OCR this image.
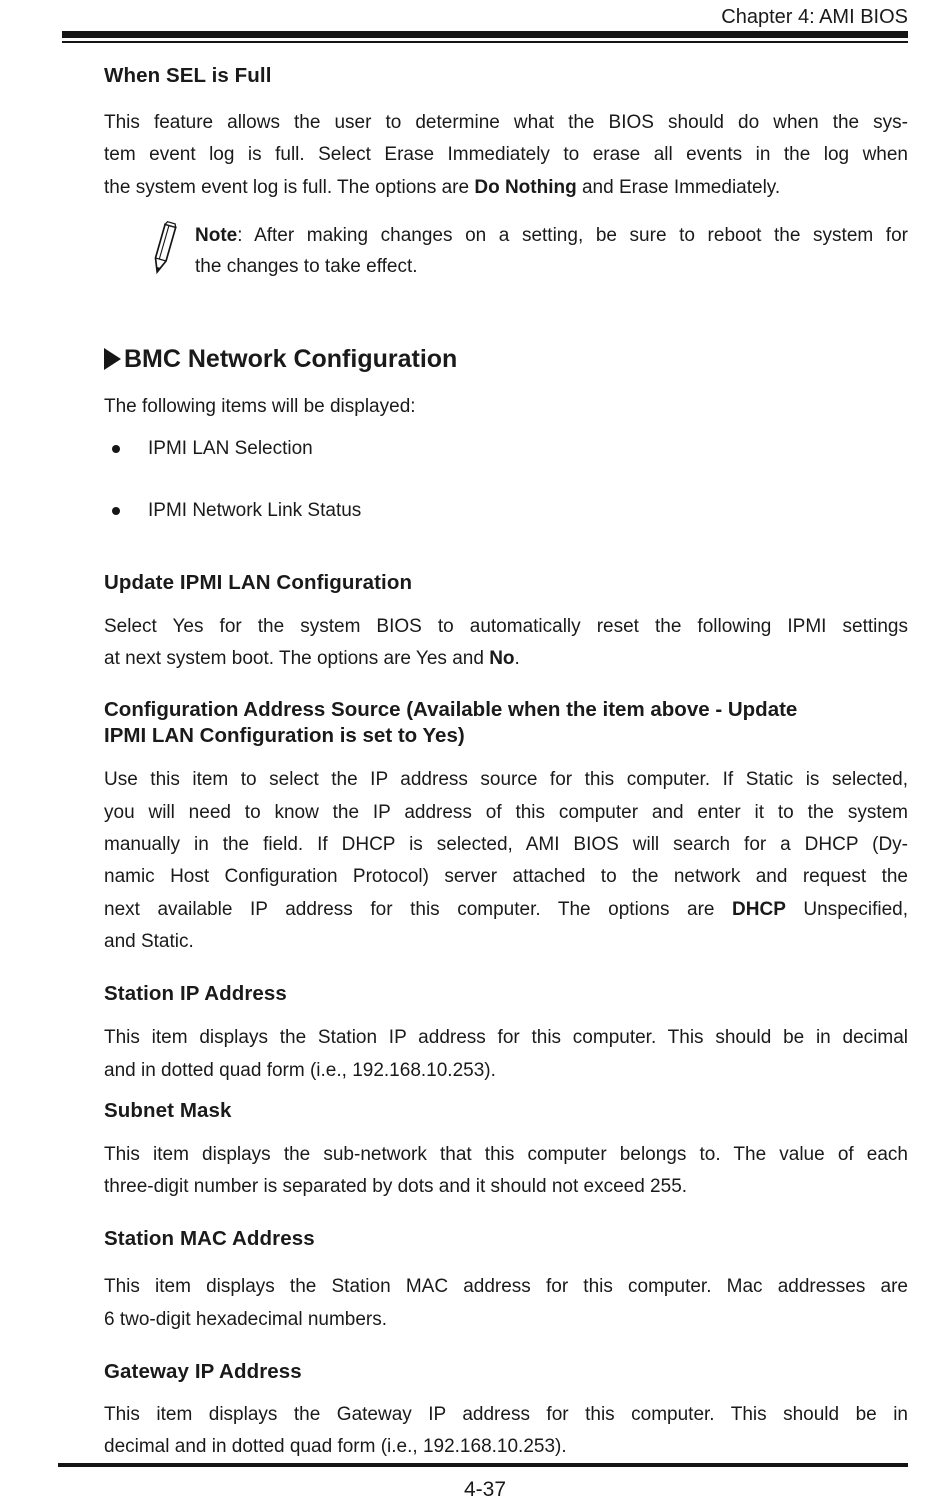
Chapter 4: AMI BIOS
When SEL is Full
This feature allows the user to determine what the BIOS should do when the sys-
tem event log is full. Select Erase Immediately to erase all events in the log when
the system event log is full. The options are Do Nothing and Erase Immediately.
Note: After making changes on a setting, be sure to reboot the system for
the changes to take effect.
BMC Network Configuration
The following items will be displayed:
IPMI LAN Selection
IPMI Network Link Status
Update IPMI LAN Configuration
Select Yes for the system BIOS to automatically reset the following IPMI settings
at next system boot. The options are Yes and No.
Configuration Address Source (Available when the item above - Update
IPMI LAN Configuration is set to Yes)
Use this item to select the IP address source for this computer. If Static is selected,
you will need to know the IP address of this computer and enter it to the system
manually in the field. If DHCP is selected, AMI BIOS will search for a DHCP (Dy-
namic Host Configuration Protocol) server attached to the network and request the
next available IP address for this computer. The options are DHCP Unspecified,
and Static.
Station IP Address
This item displays the Station IP address for this computer. This should be in decimal
and in dotted quad form (i.e., 192.168.10.253).
Subnet Mask
This item displays the sub-network that this computer belongs to. The value of each
three-digit number is separated by dots and it should not exceed 255.
Station MAC Address
This item displays the Station MAC address for this computer. Mac addresses are
6 two-digit hexadecimal numbers.
Gateway IP Address
This item displays the Gateway IP address for this computer. This should be in
decimal and in dotted quad form (i.e., 192.168.10.253).
4-37
